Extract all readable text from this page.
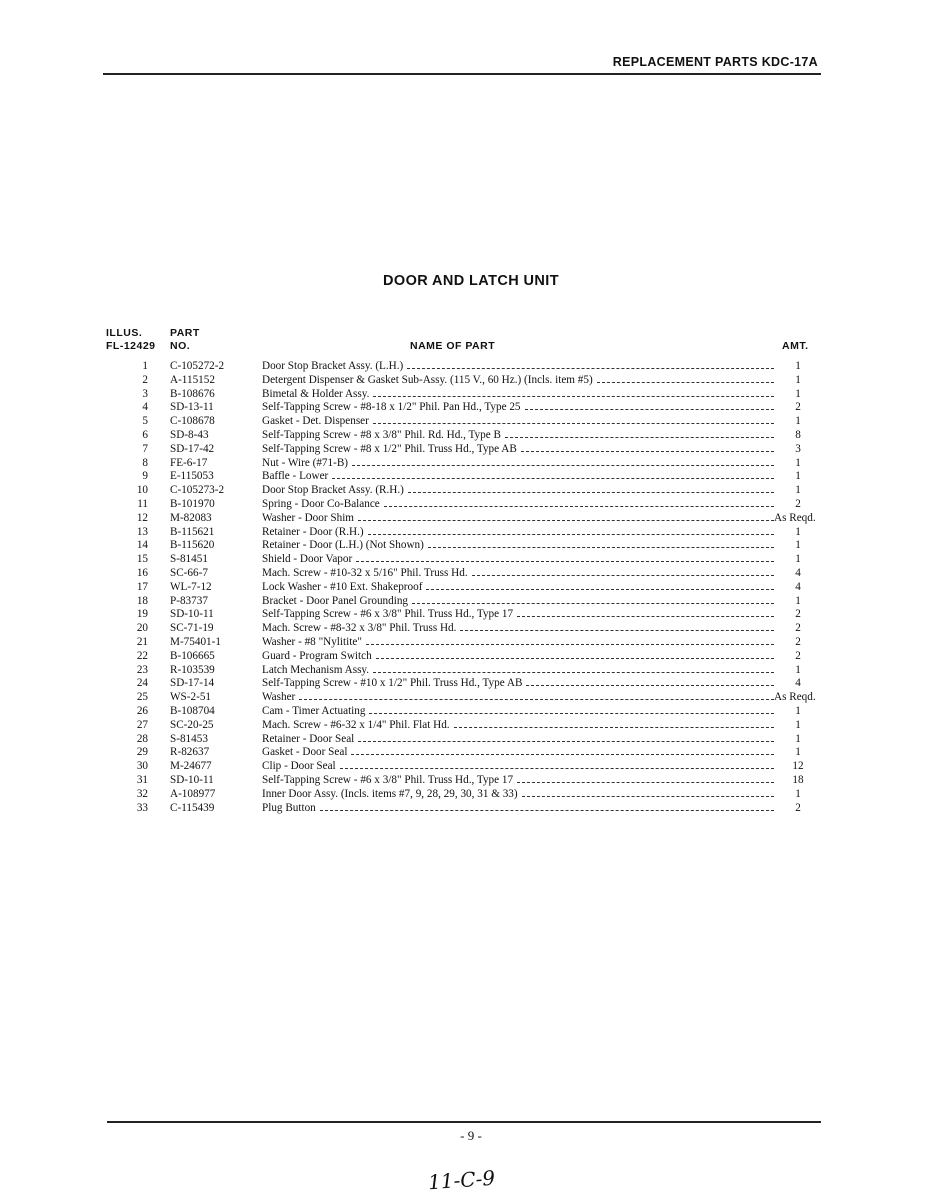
REPLACEMENT PARTS KDC-17A
DOOR AND LATCH UNIT
ILLUS.
FL-12429
PART
NO.	NAME OF PART	AMT.
1 C-105272-2	Door Stop Bracket Assy. (L.H.)	1
2 A-115152	Detergent Dispenser & Gasket Sub-Assy. (115 V., 60 Hz.) (Incls. item #5)	1
3 B-108676	Bimetal & Holder Assy.	1
4 SD-13-11	Self-Tapping Screw - #8-18 x 1/2" Phil. Pan Hd., Type 25	2
5 C-108678	Gasket - Det. Dispenser	1
6 SD-8-43	Self-Tapping Screw - #8 x 3/8" Phil. Rd. Hd., Type B	8
7 SD-17-42	Self-Tapping Screw - #8 x 1/2" Phil. Truss Hd., Type AB	3
8 FE-6-17	Nut - Wire (#71-B)	1
9 E-115053	Baffle - Lower	1
10 C-105273-2	Door Stop Bracket Assy. (R.H.)	1
11 B-101970	Spring - Door Co-Balance	2
12 M-82083	Washer - Door Shim	As Reqd.
13 B-115621	Retainer - Door (R.H.)	1
14 B-115620	Retainer - Door (L.H.) (Not Shown)	1
15 S-81451	Shield - Door Vapor	1
16 SC-66-7	Mach. Screw - #10-32 x 5/16" Phil. Truss Hd.	4
17 WL-7-12	Lock Washer - #10 Ext. Shakeproof	4
18 P-83737	Bracket - Door Panel Grounding	1
19 SD-10-11	Self-Tapping Screw - #6 x 3/8" Phil. Truss Hd., Type 17	2
20 SC-71-19	Mach. Screw - #8-32 x 3/8" Phil. Truss Hd.	2
21 M-75401-1	Washer - #8 "Nylitite"	2
22 B-106665	Guard - Program Switch	2
23 R-103539	Latch Mechanism Assy.	1
24 SD-17-14	Self-Tapping Screw - #10 x 1/2" Phil. Truss Hd., Type AB	4
25 WS-2-51	Washer	As Reqd.
26 B-108704	Cam - Timer Actuating	1
27 SC-20-25	Mach. Screw - #6-32 x 1/4" Phil. Flat Hd.	1
28 S-81453	Retainer - Door Seal	1
29 R-82637	Gasket - Door Seal	1
30 M-24677	Clip - Door Seal	12
31 SD-10-11	Self-Tapping Screw - #6 x 3/8" Phil. Truss Hd., Type 17	18
32 A-108977	Inner Door Assy. (Incls. items #7, 9, 28, 29, 30, 31 & 33)	1
33 C-115439	Plug Button	2
- 9 -
11-C-9
